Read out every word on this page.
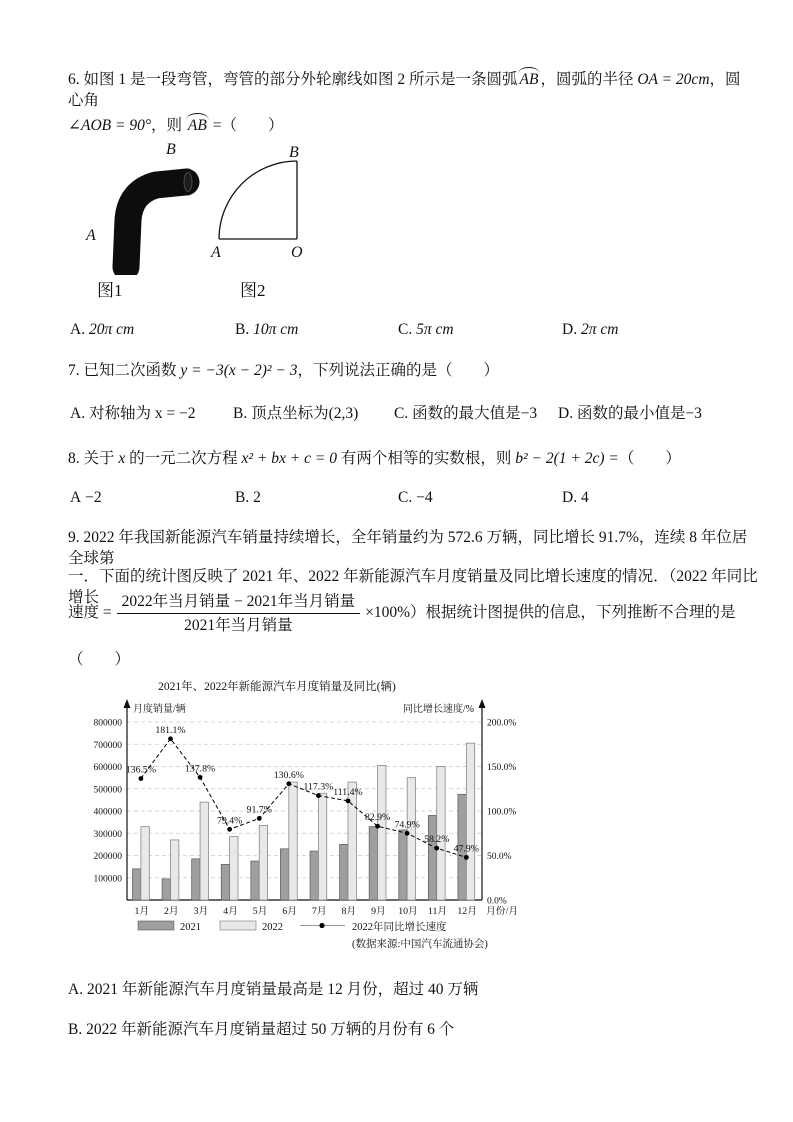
6. 如图 1 是一段弯管，弯管的部分外轮廓线如图 2 所示是一条圆弧 AB ，圆弧的半径 OA = 20cm，圆心角
∠AOB = 90°，则 AB =（　　）
B
A
B
A	O
图1	图2
A. 20π cm	B. 10π cm	C. 5π cm	D. 2π cm
7. 已知二次函数 y = −3(x − 2)² − 3，下列说法正确的是（　　）
A. 对称轴为 x = −2 B. 顶点坐标为(2,3) C. 函数的最大值是−3 D. 函数的最小值是−3
8. 关于 x 的一元二次方程 x² + bx + c = 0 有两个相等的实数根，则 b² − 2(1 + 2c) =（　　）
A −2	B. 2	C. −4	D. 4
9. 2022 年我国新能源汽车销量持续增长，全年销量约为 572.6 万辆，同比增长 91.7%，连续 8 年位居全球第
一．下面的统计图反映了 2021 年、2022 年新能源汽车月度销量及同比增长速度的情况．（2022 年同比增长
速度 = $\frac{\text{2022年当月销量 − 2021年当月销量}}{\text{2021年当月销量}} \times 100\%$）根据统计图提供的信息，下列推断不合理的是
（　　）
2021年、2022年新能源汽车月度销量及同比(辆)
100000
200000
300000
400000
500000
600000
700000
800000
月度销量/辆	同比增长速度/%
0.0%
50.0%
100.0%
150.0%
200.0%
1月 2月 3月 4月 5月 6月 7月 8月 9月 10月 11月 12月 月份/月
136.5%
181.1%
137.8%
79.4%
91.7%
130.6%
117.3% 111.4%
82.9%
74.9%
58.2%
47.9%
2021	2022	2022年同比增长速度
(数据来源:中国汽车流通协会)
A. 2021 年新能源汽车月度销量最高是 12 月份，超过 40 万辆
B. 2022 年新能源汽车月度销量超过 50 万辆的月份有 6 个
